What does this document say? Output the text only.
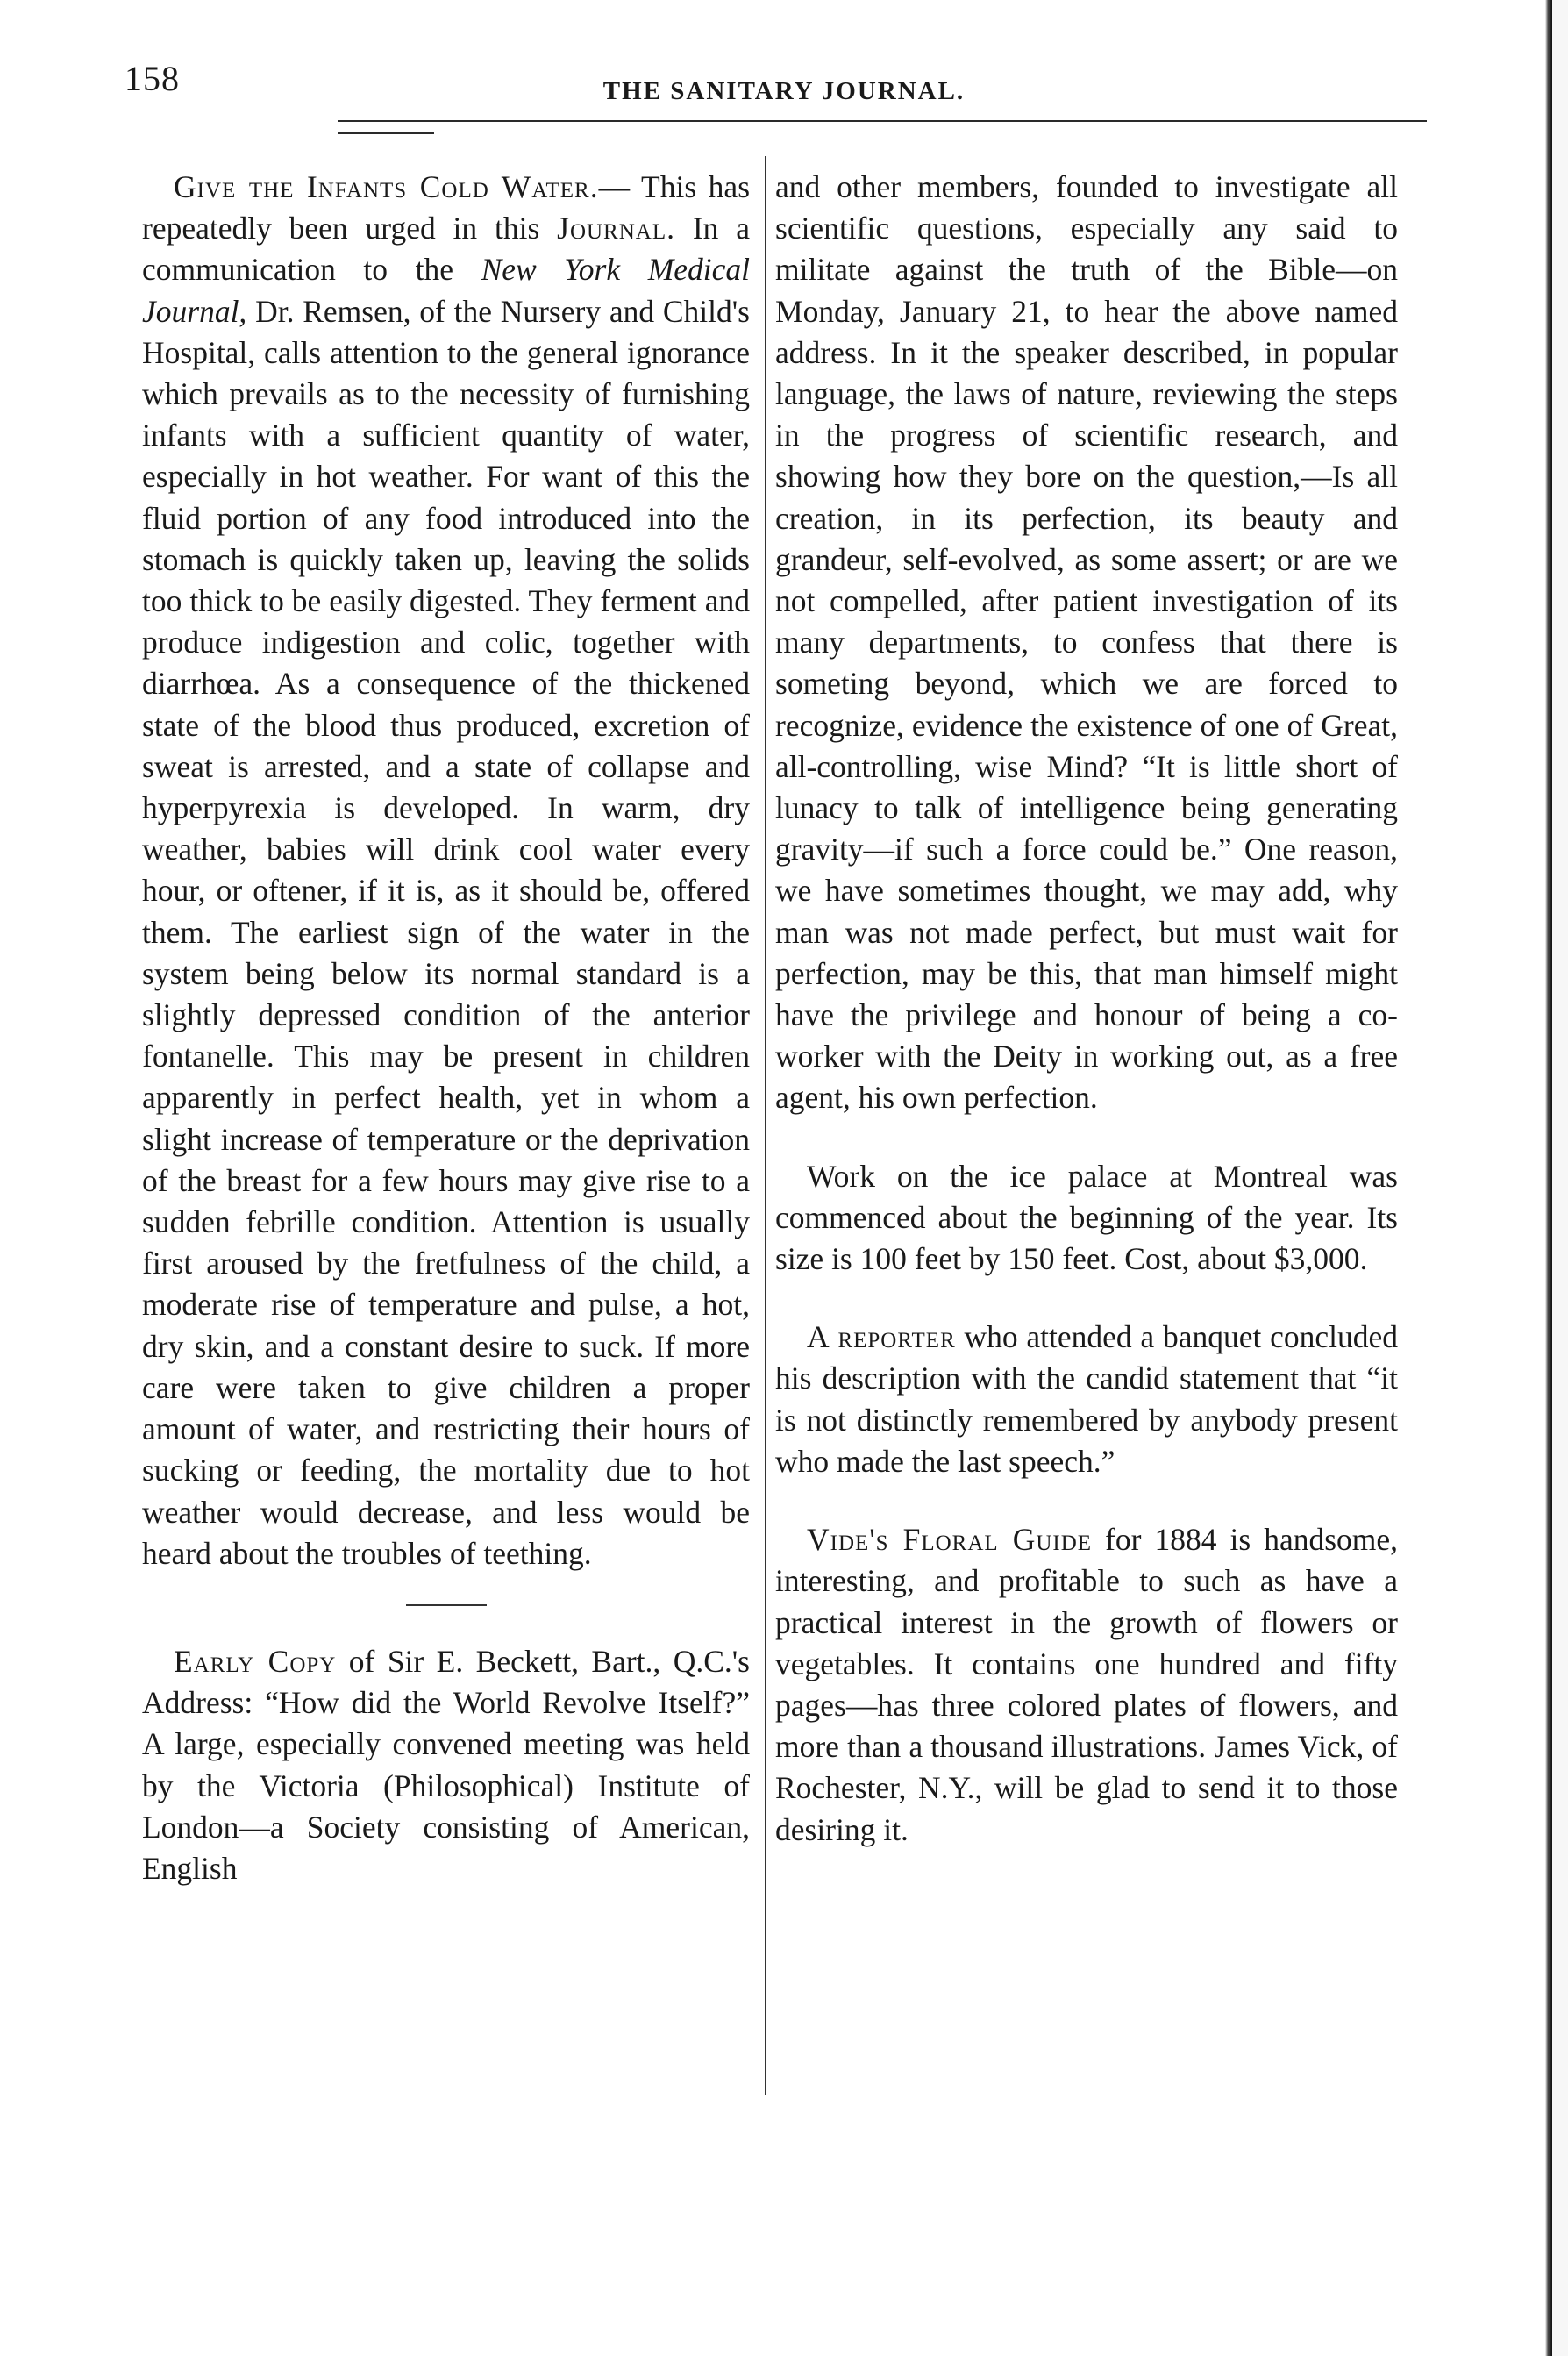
158	THE SANITARY JOURNAL.

Give the Infants Cold Water.— This has repeatedly been urged in this Journal. In a communication to the New York Medical Journal, Dr. Remsen, of the Nursery and Child's Hospital, calls attention to the general ignorance which prevails as to the necessity of furnishing infants with a sufficient quantity of water, especially in hot weather. For want of this the fluid portion of any food introduced into the stomach is quickly taken up, leaving the solids too thick to be easily digested. They ferment and produce indigestion and colic, together with diarrhœa. As a consequence of the thickened state of the blood thus produced, excretion of sweat is arrested, and a state of collapse and hyperpyrexia is developed. In warm, dry weather, babies will drink cool water every hour, or oftener, if it is, as it should be, offered them. The earliest sign of the water in the system being below its normal standard is a slightly depressed condition of the anterior fontanelle. This may be present in children apparently in perfect health, yet in whom a slight increase of temperature or the deprivation of the breast for a few hours may give rise to a sudden febrille condition. Attention is usually first aroused by the fretfulness of the child, a moderate rise of temperature and pulse, a hot, dry skin, and a constant desire to suck. If more care were taken to give children a proper amount of water, and restricting their hours of sucking or feeding, the mortality due to hot weather would decrease, and less would be heard about the troubles of teething.

Early Copy of Sir E. Beckett, Bart., Q.C.'s Address: “How did the World Revolve Itself?” A large, especially convened meeting was held by the Victoria (Philosophical) Institute of London—a Society consisting of American, English

and other members, founded to investigate all scientific questions, especially any said to militate against the truth of the Bible—on Monday, January 21, to hear the above named address. In it the speaker described, in popular language, the laws of nature, reviewing the steps in the progress of scientific research, and showing how they bore on the question,—Is all creation, in its perfection, its beauty and grandeur, self-evolved, as some assert; or are we not compelled, after patient investigation of its many departments, to confess that there is someting beyond, which we are forced to recognize, evidence the existence of one of Great, all-controlling, wise Mind? “It is little short of lunacy to talk of intelligence being generating gravity—if such a force could be.” One reason, we have sometimes thought, we may add, why man was not made perfect, but must wait for perfection, may be this, that man himself might have the privilege and honour of being a co-worker with the Deity in working out, as a free agent, his own perfection.

Work on the ice palace at Montreal was commenced about the beginning of the year. Its size is 100 feet by 150 feet. Cost, about $3,000.

A reporter who attended a banquet concluded his description with the candid statement that “it is not distinctly remembered by anybody present who made the last speech.”

Vide's Floral Guide for 1884 is handsome, interesting, and profitable to such as have a practical interest in the growth of flowers or vegetables. It contains one hundred and fifty pages—has three colored plates of flowers, and more than a thousand illustrations. James Vick, of Rochester, N.Y., will be glad to send it to those desiring it.
